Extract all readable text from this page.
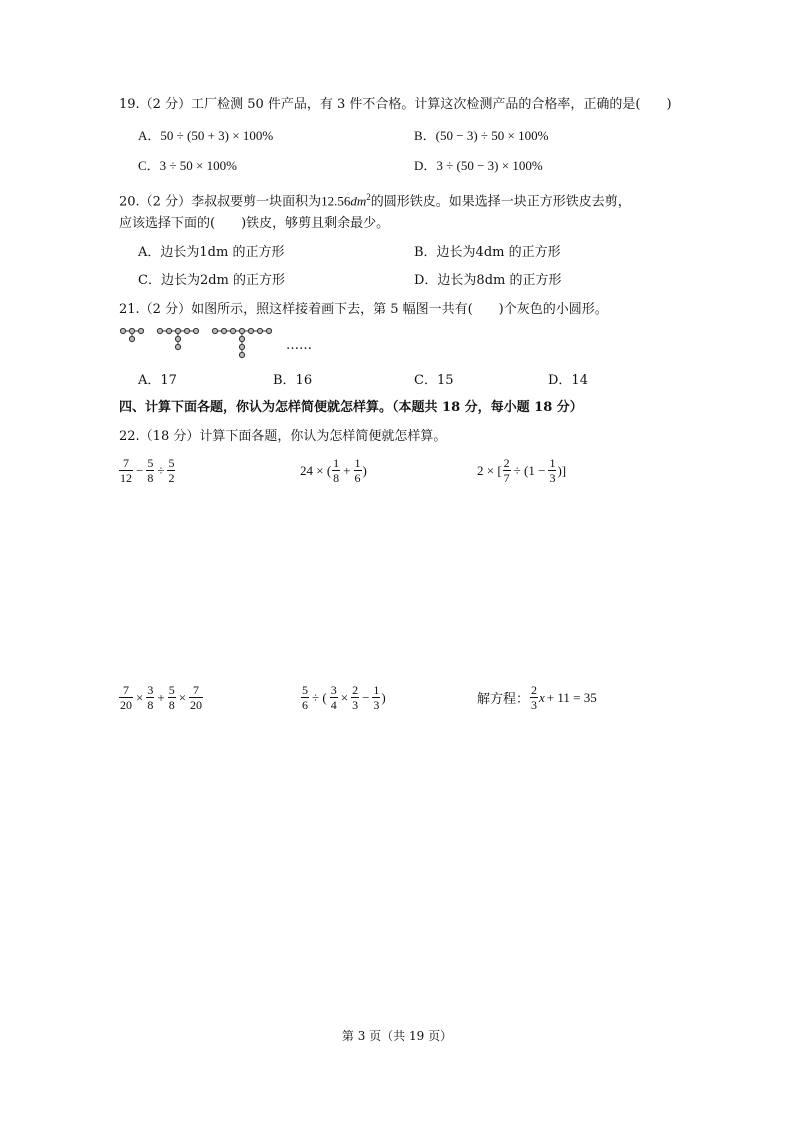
19.（2 分）工厂检测 50 件产品，有 3 件不合格。计算这次检测产品的合格率，正确的是(　　)
A．50 ÷ (50 + 3) × 100%	B．(50 − 3) ÷ 50 × 100%
C．3 ÷ 50 × 100%	D．3 ÷ (50 − 3) × 100%
20.（2 分）李叔叔要剪一块面积为$12.56dm^2$的圆形铁皮。如果选择一块正方形铁皮去剪，
应该选择下面的(　　)铁皮，够剪且剩余最少。
A．边长为1dm 的正方形	B．边长为4dm 的正方形
C．边长为2dm 的正方形	D．边长为8dm 的正方形
21.（2 分）如图所示，照这样接着画下去，第 5 幅图一共有(　　)个灰色的小圆形。
……
A．17	B．16	C．15	D．14
四、计算下面各题，你认为怎样简便就怎样算。（本题共 18 分，每小题 18 分）
22.（18 分）计算下面各题，你认为怎样简便就怎样算。
7
12
− $\frac{5}{8} \div \frac{5}{2}$	24 × ( 1
8
+ $\frac{1}{6}$ )	2 × [ $\frac{2}{7} \div (1 - \frac{1}{3}$ )]
$\frac{7}{20} \times \frac{3}{8} + \frac{5}{8} \times \frac{7}{20}$	$\frac{5}{6}$ ÷ ( $\frac{3}{4} \times \frac{2}{3} - \frac{1}{3}$ )	解方程：
2
3
x + 11 = 35
第 3 页（共 19 页）
